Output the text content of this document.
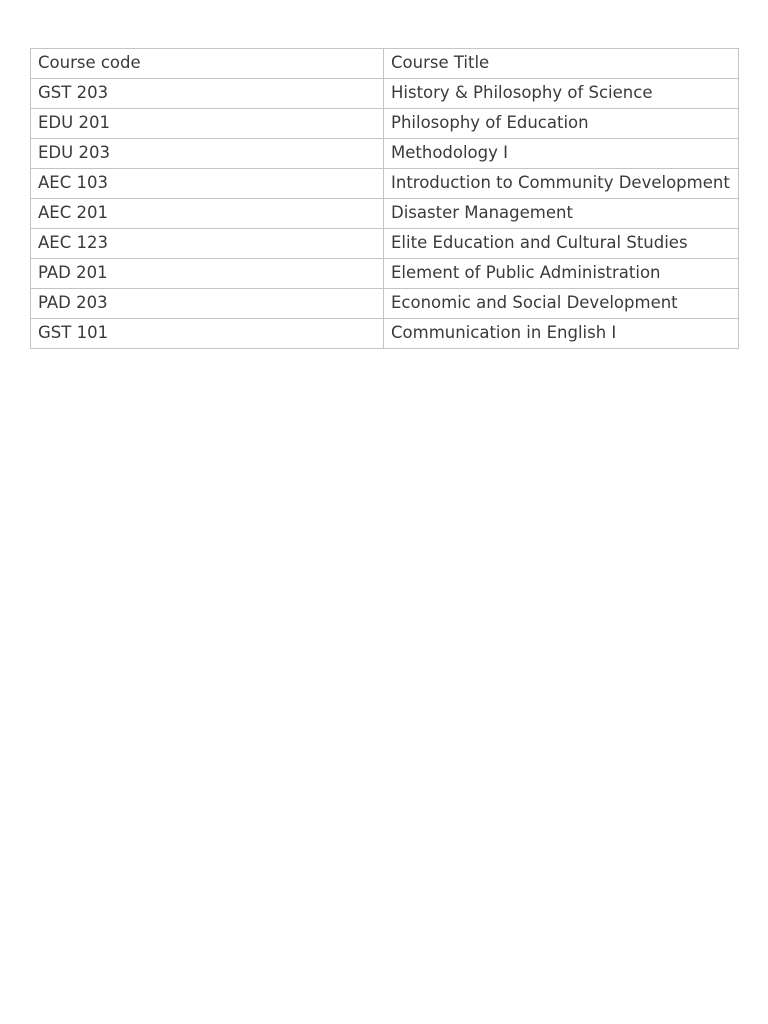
Course code	Course Title
GST 203	History & Philosophy of Science
EDU 201	Philosophy of Education
EDU 203	Methodology I
AEC 103	Introduction to Community Development
AEC 201	Disaster Management
AEC 123	Elite Education and Cultural Studies
PAD 201	Element of Public Administration
PAD 203	Economic and Social Development
GST 101	Communication in English I
